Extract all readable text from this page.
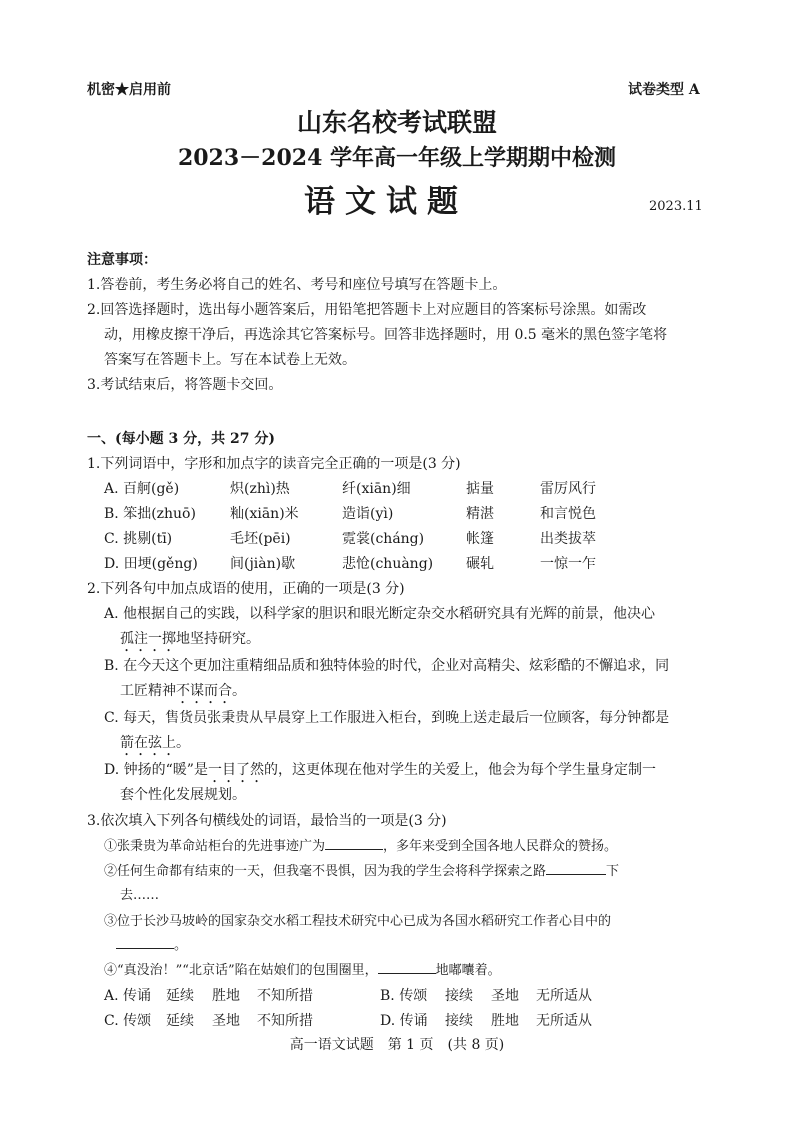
机密★启用前	试卷类型 A
山东名校考试联盟
2023－2024 学年高一年级上学期期中检测
语文试题	2023.11
注意事项：
1.答卷前，考生务必将自己的姓名、考号和座位号填写在答题卡上。
2.回答选择题时，选出每小题答案后，用铅笔把答题卡上对应题目的答案标号涂黑。如需改
动，用橡皮擦干净后，再选涂其它答案标号。回答非选择题时，用 0.5 毫米的黑色签字笔将
答案写在答题卡上。写在本试卷上无效。
3.考试结束后，将答题卡交回。
一、(每小题 3 分，共 27 分)
1.下列词语中，字形和加点字的读音完全正确的一项是(3 分)
A. 百舸(gě)	炽(zhì)热	纤(xiān)细	掂量	雷厉风行
B. 笨拙(zhuō) 籼(xiān)米	造诣(yì)	精湛	和言悦色
C. 挑剔(tī)	毛坯(pēi)	霓裳(cháng)	帐篷	出类拔萃
D. 田埂(gěng) 间(jiàn)歇	悲怆(chuàng) 碾轧	一惊一乍
2.下列各句中加点成语的使用，正确的一项是(3 分)
A. 他根据自己的实践，以科学家的胆识和眼光断定杂交水稻研究具有光辉的前景，他决心
孤注一掷地坚持研究。
B. 在今天这个更加注重精细品质和独特体验的时代，企业对高精尖、炫彩酷的不懈追求，同
工匠精神不谋而合。
C. 每天，售货员张秉贵从早晨穿上工作服进入柜台，到晚上送走最后一位顾客，每分钟都是
箭在弦上。
D. 钟扬的“暖”是一目了然的，这更体现在他对学生的关爱上，他会为每个学生量身定制一
套个性化发展规划。
3.依次填入下列各句横线处的词语，最恰当的一项是(3 分)
①张秉贵为革命站柜台的先进事迹广为	，多年来受到全国各地人民群众的赞扬。
②任何生命都有结束的一天，但我毫不畏惧，因为我的学生会将科学探索之路	下
去……
③位于长沙马坡岭的国家杂交水稻工程技术研究中心已成为各国水稻研究工作者心目中的
。
④“真没治！”“北京话”陷在姑娘们的包围圈里，	地嘟囔着。
A. 传诵 延续 胜地 不知所措	B. 传颂 接续 圣地 无所适从
C. 传颂 延续 圣地 不知所措	D. 传诵 接续 胜地 无所适从
高一语文试题　第 1 页　(共 8 页)
